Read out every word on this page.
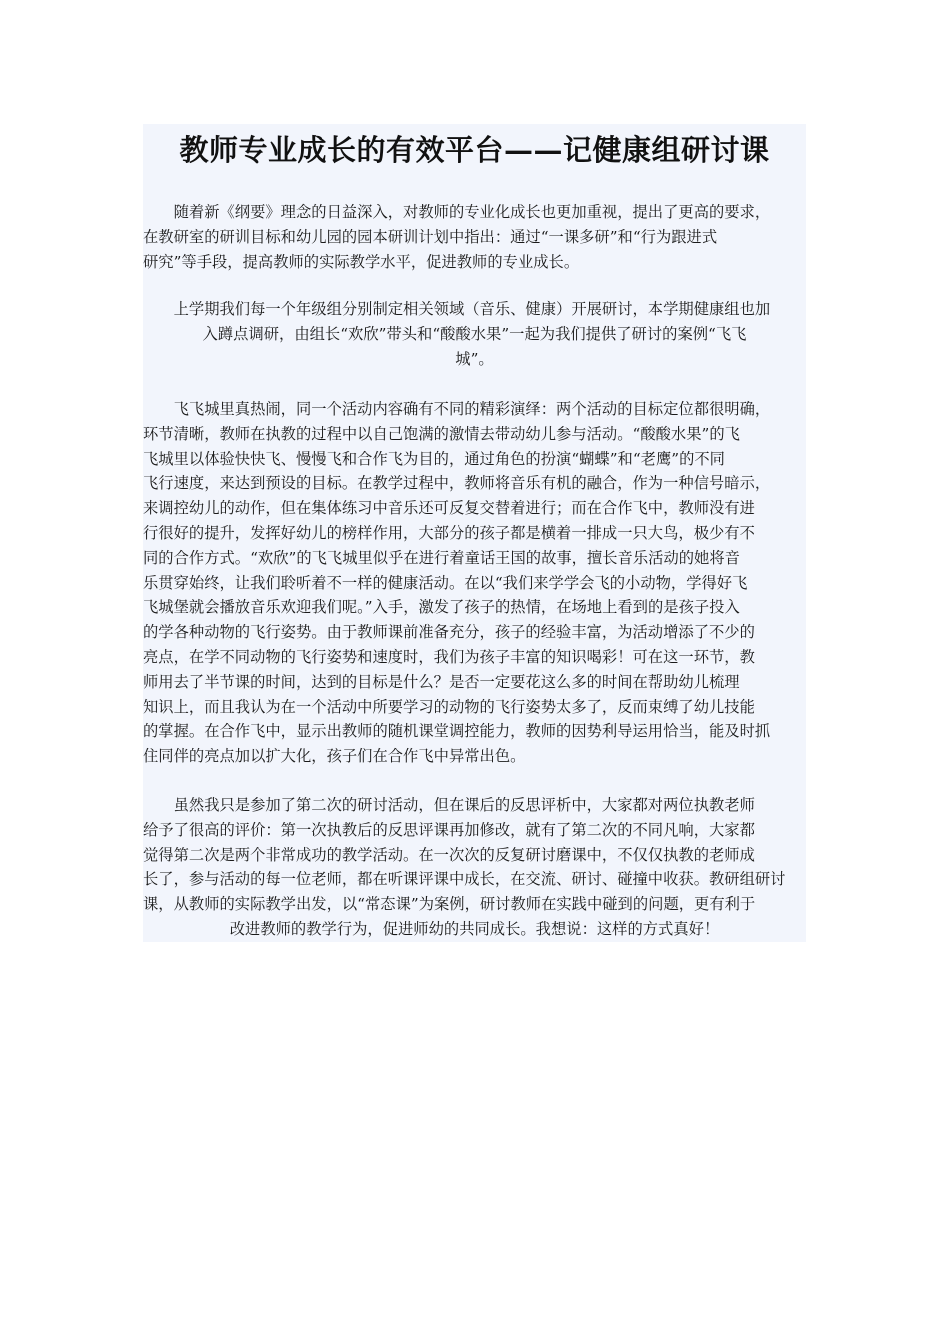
教师专业成长的有效平台——记健康组研讨课

　　随着新《纲要》理念的日益深入，对教师的专业化成长也更加重视，提出了更高的要求，
在教研室的研训目标和幼儿园的园本研训计划中指出：通过“一课多研”和“行为跟进式
研究”等手段，提高教师的实际教学水平，促进教师的专业成长。

　　上学期我们每一个年级组分别制定相关领域（音乐、健康）开展研讨，本学期健康组也加
入蹲点调研，由组长“欢欣”带头和“酸酸水果”一起为我们提供了研讨的案例“飞飞
城”。

　　飞飞城里真热闹，同一个活动内容确有不同的精彩演绎：两个活动的目标定位都很明确，
环节清晰，教师在执教的过程中以自己饱满的激情去带动幼儿参与活动。“酸酸水果”的飞
飞城里以体验快快飞、慢慢飞和合作飞为目的，通过角色的扮演“蝴蝶”和“老鹰”的不同
飞行速度，来达到预设的目标。在教学过程中，教师将音乐有机的融合，作为一种信号暗示，
来调控幼儿的动作，但在集体练习中音乐还可反复交替着进行；而在合作飞中，教师没有进
行很好的提升，发挥好幼儿的榜样作用，大部分的孩子都是横着一排成一只大鸟，极少有不
同的合作方式。“欢欣”的飞飞城里似乎在进行着童话王国的故事，擅长音乐活动的她将音
乐贯穿始终，让我们聆听着不一样的健康活动。在以“我们来学学会飞的小动物，学得好飞
飞城堡就会播放音乐欢迎我们呢。”入手，激发了孩子的热情，在场地上看到的是孩子投入
的学各种动物的飞行姿势。由于教师课前准备充分，孩子的经验丰富，为活动增添了不少的
亮点，在学不同动物的飞行姿势和速度时，我们为孩子丰富的知识喝彩！可在这一环节，教
师用去了半节课的时间，达到的目标是什么？是否一定要花这么多的时间在帮助幼儿梳理
知识上，而且我认为在一个活动中所要学习的动物的飞行姿势太多了，反而束缚了幼儿技能
的掌握。在合作飞中，显示出教师的随机课堂调控能力，教师的因势利导运用恰当，能及时抓
住同伴的亮点加以扩大化，孩子们在合作飞中异常出色。

　　虽然我只是参加了第二次的研讨活动，但在课后的反思评析中，大家都对两位执教老师
给予了很高的评价：第一次执教后的反思评课再加修改，就有了第二次的不同凡响，大家都
觉得第二次是两个非常成功的教学活动。在一次次的反复研讨磨课中，不仅仅执教的老师成
长了，参与活动的每一位老师，都在听课评课中成长，在交流、研讨、碰撞中收获。教研组研讨
课，从教师的实际教学出发，以“常态课”为案例，研讨教师在实践中碰到的问题，更有利于
改进教师的教学行为，促进师幼的共同成长。我想说：这样的方式真好！
